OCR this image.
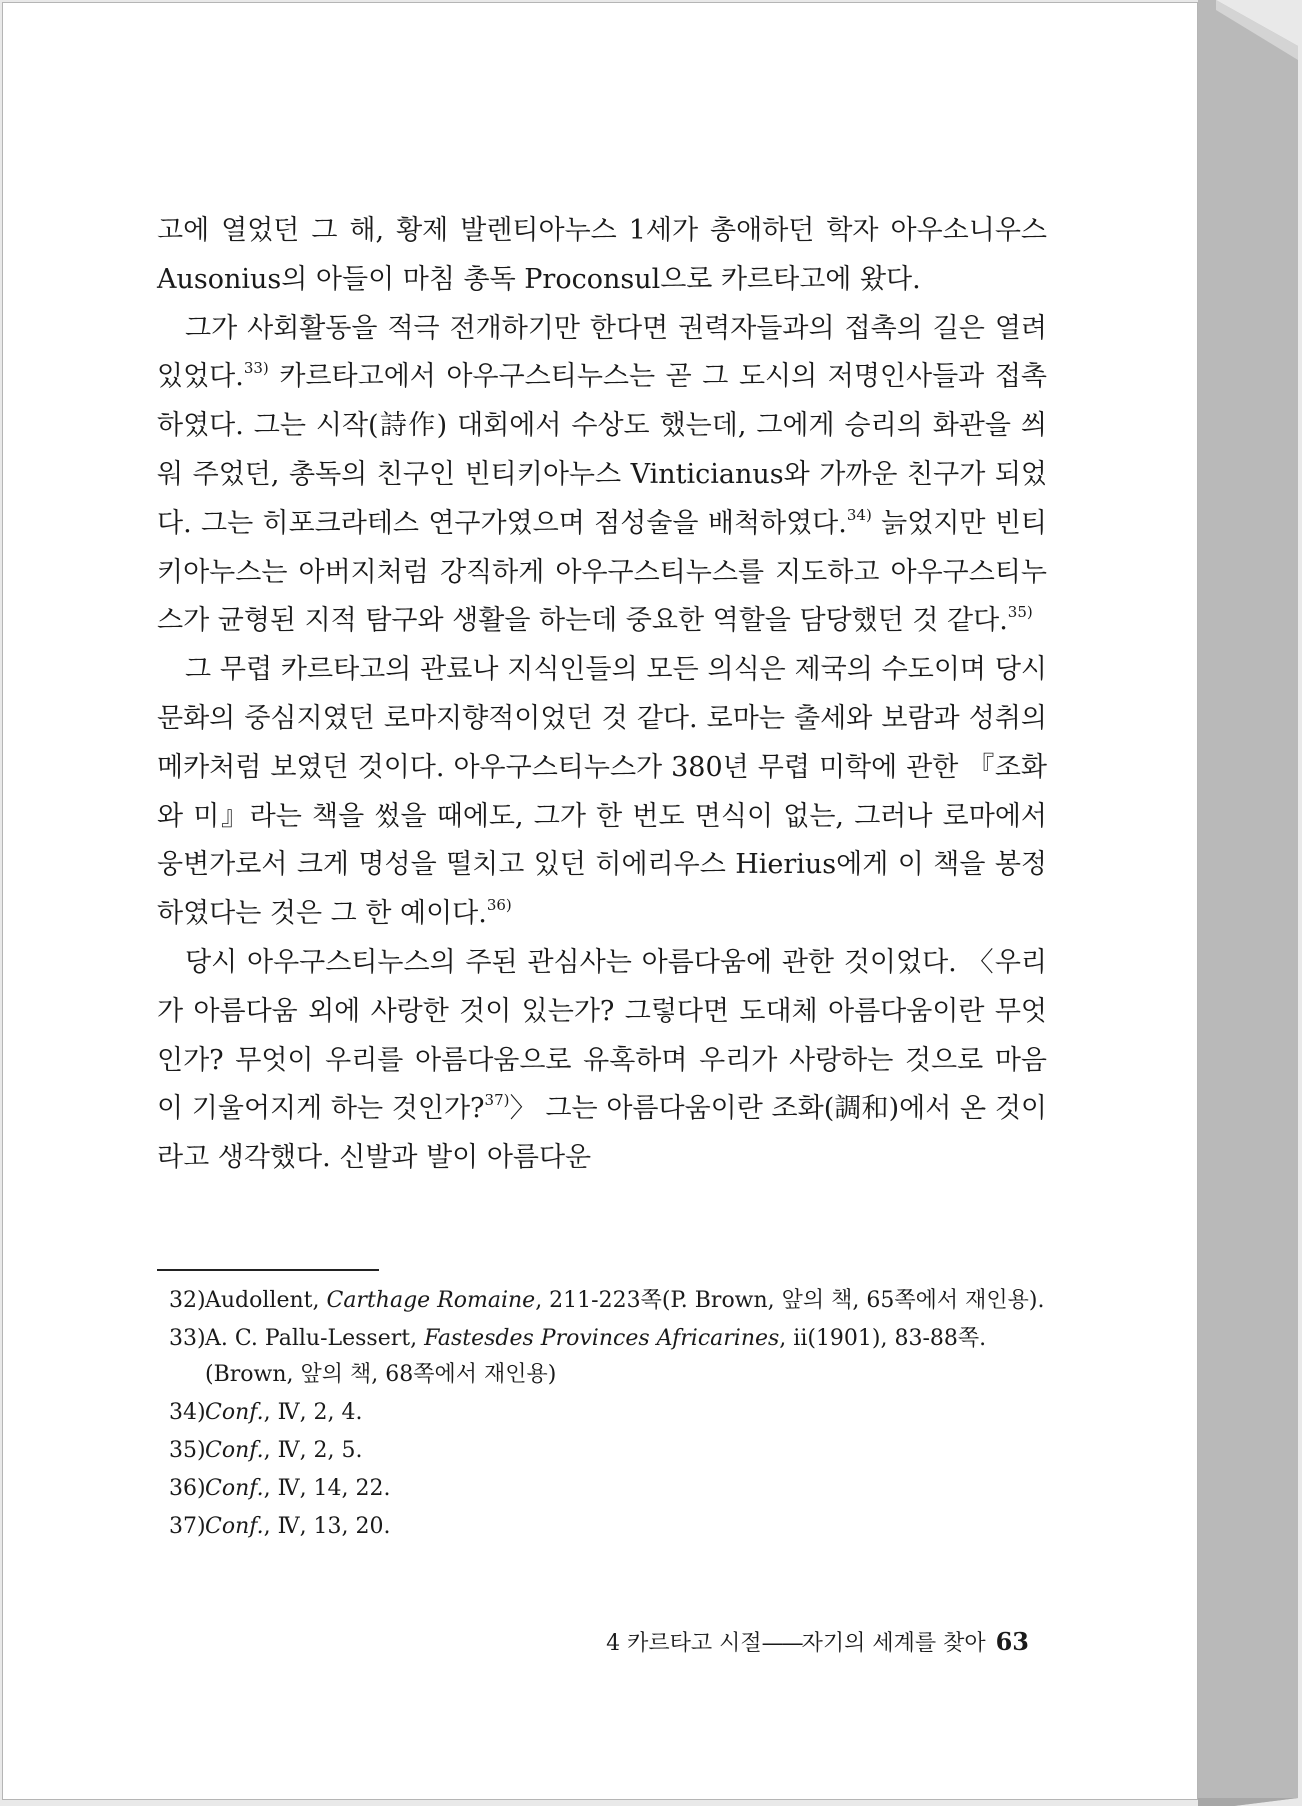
고에 열었던 그 해, 황제 발렌티아누스 1세가 총애하던 학자 아우소니우스 Ausonius의 아들이 마침 총독 Proconsul으로 카르타고에 왔다.

그가 사회활동을 적극 전개하기만 한다면 권력자들과의 접촉의 길은 열려 있었다.$^{33)}$ 카르타고에서 아우구스티누스는 곧 그 도시의 저명인사들과 접촉하였다. 그는 시작(詩作) 대회에서 수상도 했는데, 그에게 승리의 화관을 씌워 주었던, 총독의 친구인 빈티키아누스 Vinticianus와 가까운 친구가 되었다. 그는 히포크라테스 연구가였으며 점성술을 배척하였다.$^{34)}$ 늙었지만 빈티키아누스는 아버지처럼 강직하게 아우구스티누스를 지도하고 아우구스티누스가 균형된 지적 탐구와 생활을 하는데 중요한 역할을 담당했던 것 같다.$^{35)}$

그 무렵 카르타고의 관료나 지식인들의 모든 의식은 제국의 수도이며 당시 문화의 중심지였던 로마지향적이었던 것 같다. 로마는 출세와 보람과 성취의 메카처럼 보였던 것이다. 아우구스티누스가 380년 무렵 미학에 관한 『조화와 미』라는 책을 썼을 때에도, 그가 한 번도 면식이 없는, 그러나 로마에서 웅변가로서 크게 명성을 떨치고 있던 히에리우스 Hierius에게 이 책을 봉정하였다는 것은 그 한 예이다.$^{36)}$

당시 아우구스티누스의 주된 관심사는 아름다움에 관한 것이었다. 〈우리가 아름다움 외에 사랑한 것이 있는가? 그렇다면 도대체 아름다움이란 무엇인가? 무엇이 우리를 아름다움으로 유혹하며 우리가 사랑하는 것으로 마음이 기울어지게 하는 것인가?$^{37)}$〉 그는 아름다움이란 조화(調和)에서 온 것이라고 생각했다. 신발과 발이 아름다운

32)Audollent, Carthage Romaine, 211-223쪽(P. Brown, 앞의 책, 65쪽에서 재인용).

33)A. C. Pallu-Lessert, Fastesdes Provinces Africarines, ii(1901), 83-88쪽. (Brown, 앞의 책, 68쪽에서 재인용)

34)Conf., Ⅳ, 2, 4.

35)Conf., Ⅳ, 2, 5.

36)Conf., Ⅳ, 14, 22.

37)Conf., Ⅳ, 13, 20.

4 카르타고 시절——자기의 세계를 찾아 63
